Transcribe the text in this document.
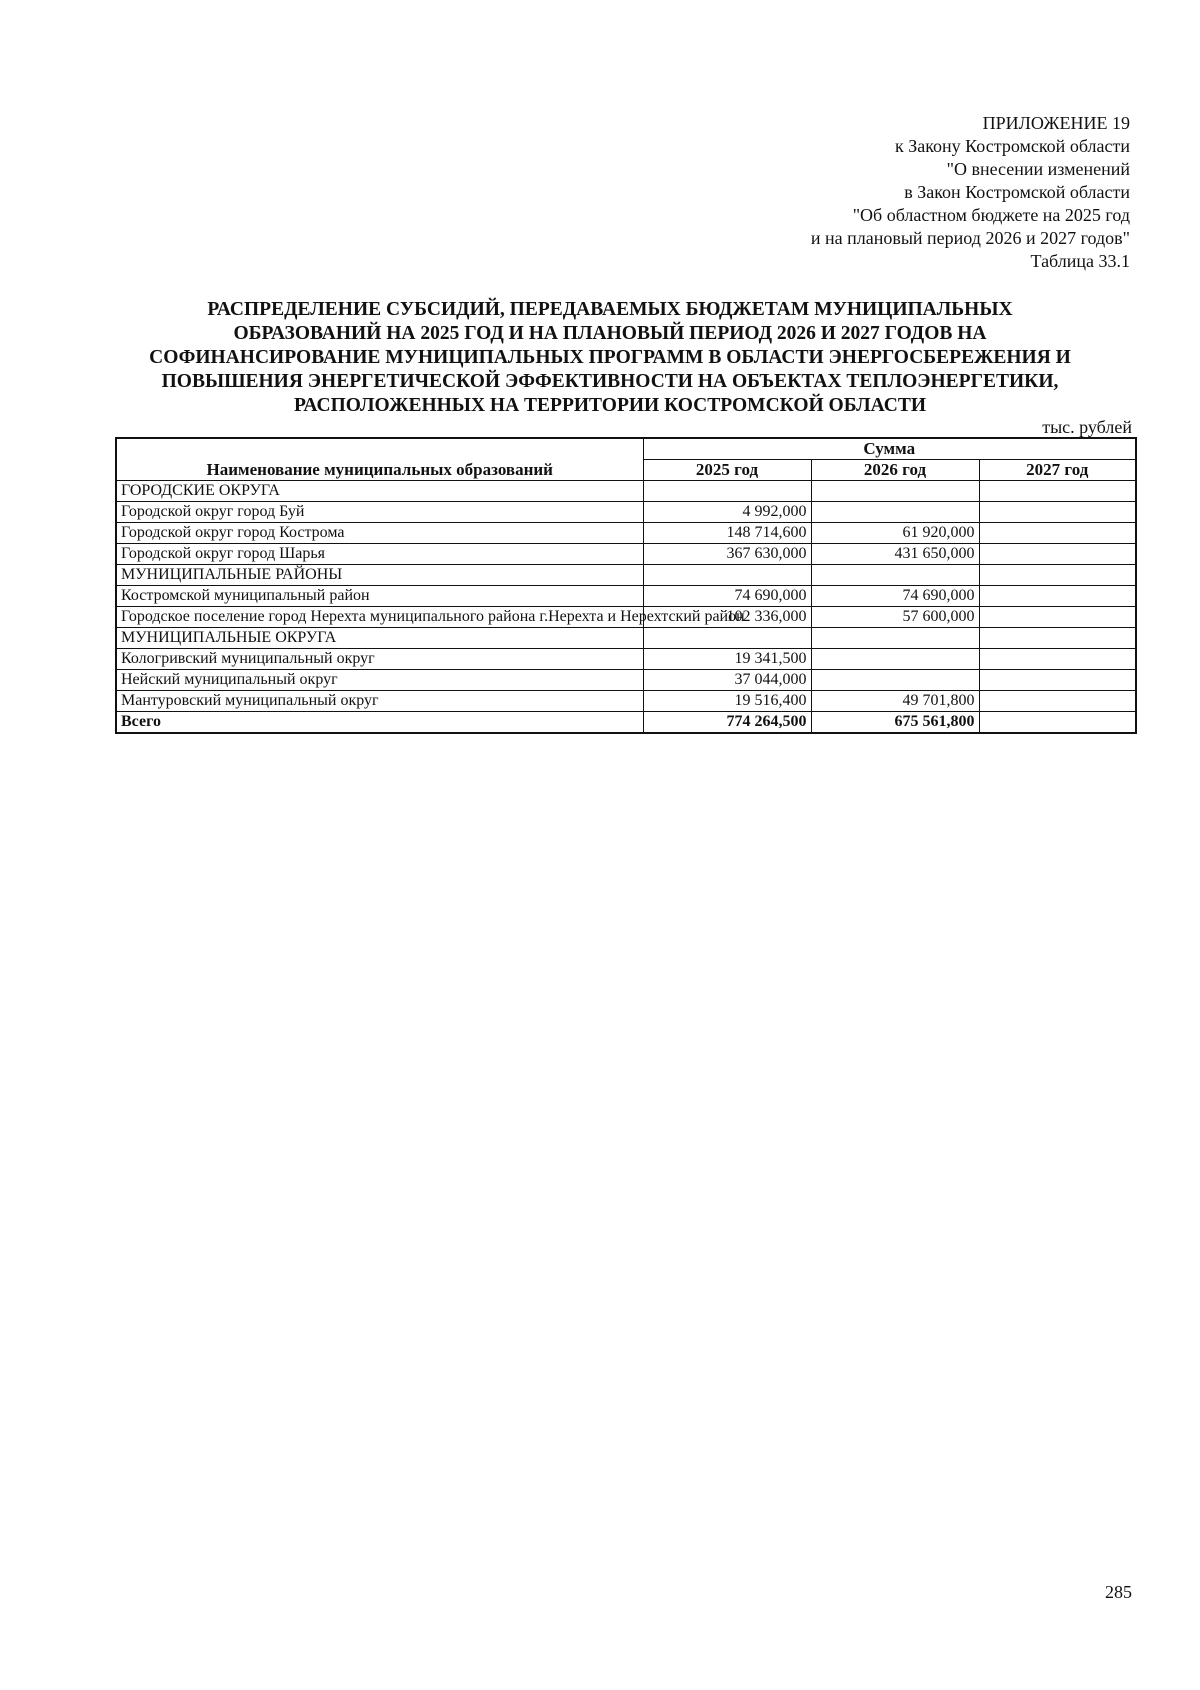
ПРИЛОЖЕНИЕ 19
к Закону Костромской области
"О внесении изменений
в Закон Костромской области
"Об областном бюджете на 2025 год
и на плановый период 2026 и 2027 годов"
Таблица 33.1
РАСПРЕДЕЛЕНИЕ СУБСИДИЙ, ПЕРЕДАВАЕМЫХ БЮДЖЕТАМ МУНИЦИПАЛЬНЫХ
ОБРАЗОВАНИЙ НА 2025 ГОД И НА ПЛАНОВЫЙ ПЕРИОД 2026 И 2027 ГОДОВ НА
СОФИНАНСИРОВАНИЕ МУНИЦИПАЛЬНЫХ ПРОГРАММ В ОБЛАСТИ ЭНЕРГОСБЕРЕЖЕНИЯ И
ПОВЫШЕНИЯ ЭНЕРГЕТИЧЕСКОЙ ЭФФЕКТИВНОСТИ НА ОБЪЕКТАХ ТЕПЛОЭНЕРГЕТИКИ,
РАСПОЛОЖЕННЫХ НА ТЕРРИТОРИИ КОСТРОМСКОЙ ОБЛАСТИ
тыс. рублей
Наименование муниципальных образований	Сумма		
	2025 год	2026 год	2027 год
ГОРОДСКИЕ ОКРУГА			
Городской округ город Буй	4 992,000		
Городской округ город Кострома	148 714,600	61 920,000	
Городской округ город Шарья	367 630,000	431 650,000	
МУНИЦИПАЛЬНЫЕ РАЙОНЫ			
Костромской муниципальный район	74 690,000	74 690,000	
Городское поселение город Нерехта муниципального района г.Нерехта и Нерехтский район	102 336,000	57 600,000	
МУНИЦИПАЛЬНЫЕ ОКРУГА			
Кологривский муниципальный округ	19 341,500		
Нейский муниципальный округ	37 044,000		
Мантуровский муниципальный округ	19 516,400	49 701,800	
Всего	774 264,500	675 561,800	
285
